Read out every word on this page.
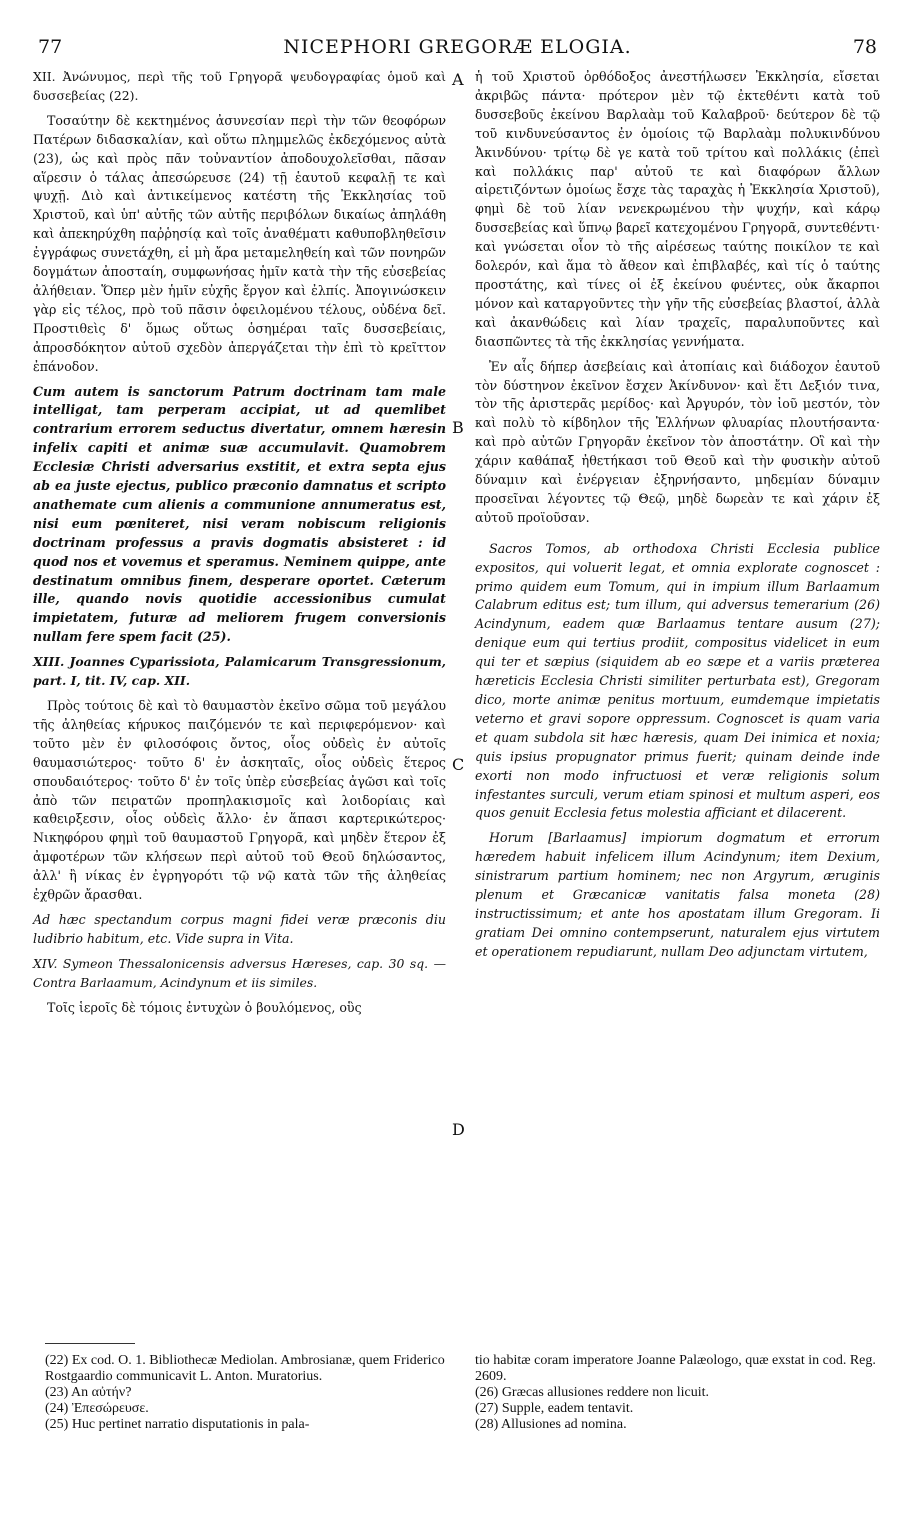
77	NICEPHORI GREGORÆ ELOGIA.	78

XII. Ἀνώνυμος, περὶ τῆς τοῦ Γρηγορᾶ ψευδογραφίας ὁμοῦ καὶ δυσσεβείας (22).

Τοσαύτην δὲ κεκτημένος ἀσυνεσίαν περὶ τὴν τῶν θεοφόρων Πατέρων διδασκαλίαν, καὶ οὕτω πλημμελῶς ἐκδεχόμενος αὐτὰ (23), ὡς καὶ πρὸς πᾶν τοὐναντίον ἀποδουχολεῖσθαι, πᾶσαν αἵρεσιν ὁ τάλας ἀπεσώρευσε (24) τῇ ἑαυτοῦ κεφαλῇ τε καὶ ψυχῇ. Διὸ καὶ ἀντικείμενος κατέστη τῆς Ἐκκλησίας τοῦ Χριστοῦ, καὶ ὑπ' αὐτῆς τῶν αὐτῆς περιβόλων δικαίως ἀπηλάθη καὶ ἀπεκηρύχθη παῤῥησίᾳ καὶ τοῖς ἀναθέματι καθυποβληθεῖσιν ἐγγράφως συνετάχθη, εἰ μὴ ἄρα μεταμεληθείη καὶ τῶν πονηρῶν δογμάτων ἀποσταίη, συμφωνήσας ἡμῖν κατὰ τὴν τῆς εὐσεβείας ἀλήθειαν. Ὅπερ μὲν ἡμῖν εὐχῆς ἔργον καὶ ἐλπίς. Ἀπογινώσκειν γὰρ εἰς τέλος, πρὸ τοῦ πᾶσιν ὀφειλομένου τέλους, οὐδένα δεῖ. Προστιθεὶς δ' ὅμως οὕτως ὁσημέραι ταῖς δυσσεβείαις, ἀπροσδόκητον αὐτοῦ σχεδὸν ἀπεργάζεται τὴν ἐπὶ τὸ κρεῖττον ἐπάνοδον.

Cum autem is sanctorum Patrum doctrinam tam male intelligat, tam perperam accipiat, ut ad quemlibet contrarium errorem seductus divertatur, omnem hæresin infelix capiti et animæ suæ accumulavit. Quamobrem Ecclesiæ Christi adversarius exstitit, et extra septa ejus ab ea juste ejectus, publico præconio damnatus et scripto anathemate cum alienis a communione annumeratus est, nisi eum pœniteret, nisi veram nobiscum religionis doctrinam professus a pravis dogmatis absisteret : id quod nos et vovemus et speramus. Neminem quippe, ante destinatum omnibus finem, desperare oportet. Cæterum ille, quando novis quotidie accessionibus cumulat impietatem, futuræ ad meliorem frugem conversionis nullam fere spem facit (25).

XIII. Joannes Cyparissiota, Palamicarum Transgressionum, part. I, tit. IV, cap. XII.

Πρὸς τούτοις δὲ καὶ τὸ θαυμαστὸν ἐκεῖνο σῶμα τοῦ μεγάλου τῆς ἀληθείας κήρυκος παιζόμενόν τε καὶ περιφερόμενον· καὶ τοῦτο μὲν ἐν φιλοσόφοις ὄντος, οἷος οὐδεὶς ἐν αὐτοῖς θαυμασιώτερος· τοῦτο δ' ἐν ἀσκηταῖς, οἷος οὐδεὶς ἕτερος σπουδαιότερος· τοῦτο δ' ἐν τοῖς ὑπὲρ εὐσεβείας ἀγῶσι καὶ τοῖς ἀπὸ τῶν πειρατῶν προπηλακισμοῖς καὶ λοιδορίαις καὶ καθειρξεσιν, οἷος οὐδεὶς ἄλλο· ἐν ἅπασι καρτερικώτερος· Νικηφόρου φημὶ τοῦ θαυμαστοῦ Γρηγορᾶ, καὶ μηδὲν ἕτερον ἐξ ἀμφοτέρων τῶν κλήσεων περὶ αὐτοῦ τοῦ Θεοῦ δηλώσαντος, ἀλλ' ἢ νίκας ἐν ἐγρηγορότι τῷ νῷ κατὰ τῶν τῆς ἀληθείας ἐχθρῶν ἄρασθαι.

Ad hæc spectandum corpus magni fidei veræ præconis diu ludibrio habitum, etc. Vide supra in Vita.

XIV. Symeon Thessalonicensis adversus Hæreses, cap. 30 sq. — Contra Barlaamum, Acindynum et iis similes.

Τοῖς ἱεροῖς δὲ τόμοις ἐντυχὼν ὁ βουλόμενος, οὓς

A
B
C
D

ἡ τοῦ Χριστοῦ ὀρθόδοξος ἀνεστήλωσεν Ἐκκλησία, εἴσεται ἀκριβῶς πάντα· πρότερον μὲν τῷ ἐκτεθέντι κατὰ τοῦ δυσσεβοῦς ἐκείνου Βαρλαὰμ τοῦ Καλαβροῦ· δεύτερον δὲ τῷ τοῦ κινδυνεύσαντος ἐν ὁμοίοις τῷ Βαρλαὰμ πολυκινδύνου Ἀκινδύνου· τρίτῳ δὲ γε κατὰ τοῦ τρίτου καὶ πολλάκις (ἐπεὶ καὶ πολλάκις παρ' αὐτοῦ τε καὶ διαφόρων ἄλλων αἱρετιζόντων ὁμοίως ἔσχε τὰς ταραχὰς ἡ Ἐκκλησία Χριστοῦ), φημὶ δὲ τοῦ λίαν νενεκρωμένου τὴν ψυχήν, καὶ κάρῳ δυσσεβείας καὶ ὕπνῳ βαρεῖ κατεχομένου Γρηγορᾶ, συντεθέντι· καὶ γνώσεται οἷον τὸ τῆς αἱρέσεως ταύτης ποικίλον τε καὶ δολερόν, καὶ ἅμα τὸ ἄθεον καὶ ἐπιβλαβές, καὶ τίς ὁ ταύτης προστάτης, καὶ τίνες οἱ ἐξ ἐκείνου φυέντες, οὐκ ἄκαρποι μόνον καὶ καταργοῦντες τὴν γῆν τῆς εὐσεβείας βλαστοί, ἀλλὰ καὶ ἀκανθώδεις καὶ λίαν τραχεῖς, παραλυποῦντες καὶ διασπῶντες τὰ τῆς ἐκκλησίας γεννήματα.

Ἐν αἷς δήπερ ἀσεβείαις καὶ ἀτοπίαις καὶ διάδοχον ἑαυτοῦ τὸν δύστηνον ἐκεῖνον ἔσχεν Ἀκίνδυνον· καὶ ἔτι Δεξιόν τινα, τὸν τῆς ἀριστερᾶς μερίδος· καὶ Ἀργυρόν, τὸν ἰοῦ μεστόν, τὸν καὶ πολὺ τὸ κίβδηλον τῆς Ἑλλήνων φλυαρίας πλουτήσαντα· καὶ πρὸ αὐτῶν Γρηγορᾶν ἐκεῖνον τὸν ἀποστάτην. Οἳ καὶ τὴν χάριν καθάπαξ ἠθετήκασι τοῦ Θεοῦ καὶ τὴν φυσικὴν αὐτοῦ δύναμιν καὶ ἐνέργειαν ἐξηρνήσαντο, μηδεμίαν δύναμιν προσεῖναι λέγοντες τῷ Θεῷ, μηδὲ δωρεὰν τε καὶ χάριν ἐξ αὐτοῦ προϊοῦσαν.

Sacros Tomos, ab orthodoxa Christi Ecclesia publice expositos, qui voluerit legat, et omnia explorate cognoscet : primo quidem eum Tomum, qui in impium illum Barlaamum Calabrum editus est; tum illum, qui adversus temerarium (26) Acindynum, eadem quæ Barlaamus tentare ausum (27); denique eum qui tertius prodiit, compositus videlicet in eum qui ter et sæpius (siquidem ab eo sæpe et a variis præterea hæreticis Ecclesia Christi similiter perturbata est), Gregoram dico, morte animæ penitus mortuum, eumdemque impietatis veterno et gravi sopore oppressum. Cognoscet is quam varia et quam subdola sit hæc hæresis, quam Dei inimica et noxia; quis ipsius propugnator primus fuerit; quinam deinde inde exorti non modo infructuosi et veræ religionis solum infestantes surculi, verum etiam spinosi et multum asperi, eos quos genuit Ecclesia fetus molestia afficiant et dilacerent.

Horum [Barlaamus] impiorum dogmatum et errorum hæredem habuit infelicem illum Acindynum; item Dexium, sinistrarum partium hominem; nec non Argyrum, æruginis plenum et Græcanicæ vanitatis falsa moneta (28) instructissimum; et ante hos apostatam illum Gregoram. Ii gratiam Dei omnino contempserunt, naturalem ejus virtutem et operationem repudiarunt, nullam Deo adjunctam virtutem,

(22) Ex cod. O. 1. Bibliothecæ Mediolan. Ambrosianæ, quem Friderico Rostgaardio communicavit L. Anton. Muratorius.
(23) An αὐτήν?
(24) Ἐπεσώρευσε.
(25) Huc pertinet narratio disputationis in pala-
tio habitæ coram imperatore Joanne Palæologo, quæ exstat in cod. Reg. 2609.
(26) Græcas allusiones reddere non licuit.
(27) Supple, eadem tentavit.
(28) Allusiones ad nomina.
